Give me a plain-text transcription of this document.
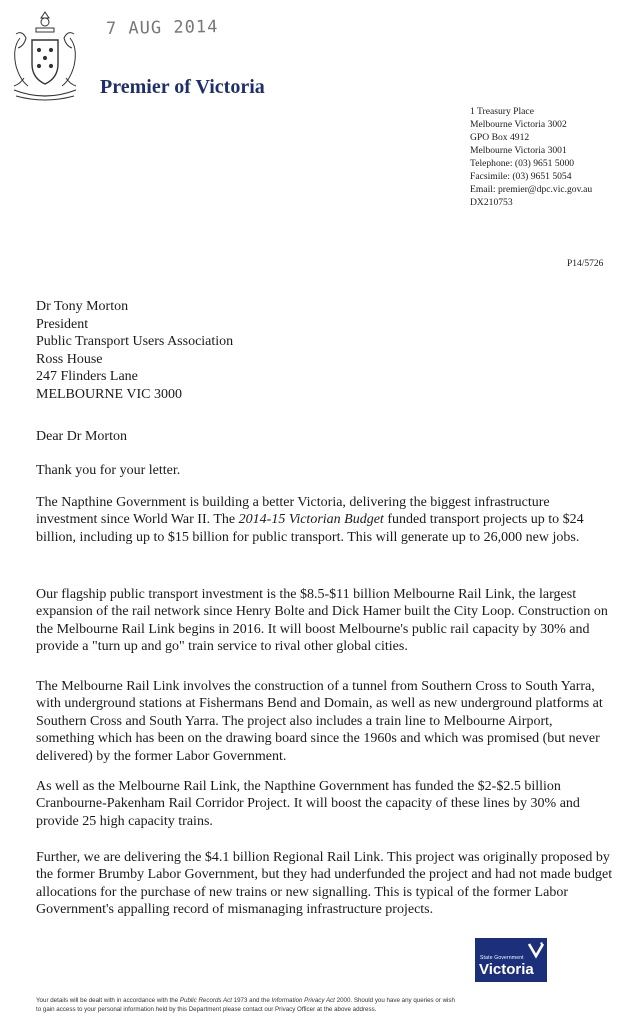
7 AUG 2014
Premier of Victoria
1 Treasury Place
Melbourne Victoria 3002
GPO Box 4912
Melbourne Victoria 3001
Telephone: (03) 9651 5000
Facsimile: (03) 9651 5054
Email: premier@dpc.vic.gov.au
DX210753
P14/5726
Dr Tony Morton
President
Public Transport Users Association
Ross House
247 Flinders Lane
MELBOURNE VIC 3000
Dear Dr Morton
Thank you for your letter.
The Napthine Government is building a better Victoria, delivering the biggest infrastructure investment since World War II. The 2014-15 Victorian Budget funded transport projects up to $24 billion, including up to $15 billion for public transport. This will generate up to 26,000 new jobs.
Our flagship public transport investment is the $8.5-$11 billion Melbourne Rail Link, the largest expansion of the rail network since Henry Bolte and Dick Hamer built the City Loop. Construction on the Melbourne Rail Link begins in 2016. It will boost Melbourne's public rail capacity by 30% and provide a "turn up and go" train service to rival other global cities.
The Melbourne Rail Link involves the construction of a tunnel from Southern Cross to South Yarra, with underground stations at Fishermans Bend and Domain, as well as new underground platforms at Southern Cross and South Yarra. The project also includes a train line to Melbourne Airport, something which has been on the drawing board since the 1960s and which was promised (but never delivered) by the former Labor Government.
As well as the Melbourne Rail Link, the Napthine Government has funded the $2-$2.5 billion Cranbourne-Pakenham Rail Corridor Project. It will boost the capacity of these lines by 30% and provide 25 high capacity trains.
Further, we are delivering the $4.1 billion Regional Rail Link. This project was originally proposed by the former Brumby Labor Government, but they had underfunded the project and had not made budget allocations for the purchase of new trains or new signalling. This is typical of the former Labor Government's appalling record of mismanaging infrastructure projects.
State Government
Victoria
Your details will be dealt with in accordance with the Public Records Act 1973 and the Information Privacy Act 2000. Should you have any queries or wish
to gain access to your personal information held by this Department please contact our Privacy Officer at the above address.
